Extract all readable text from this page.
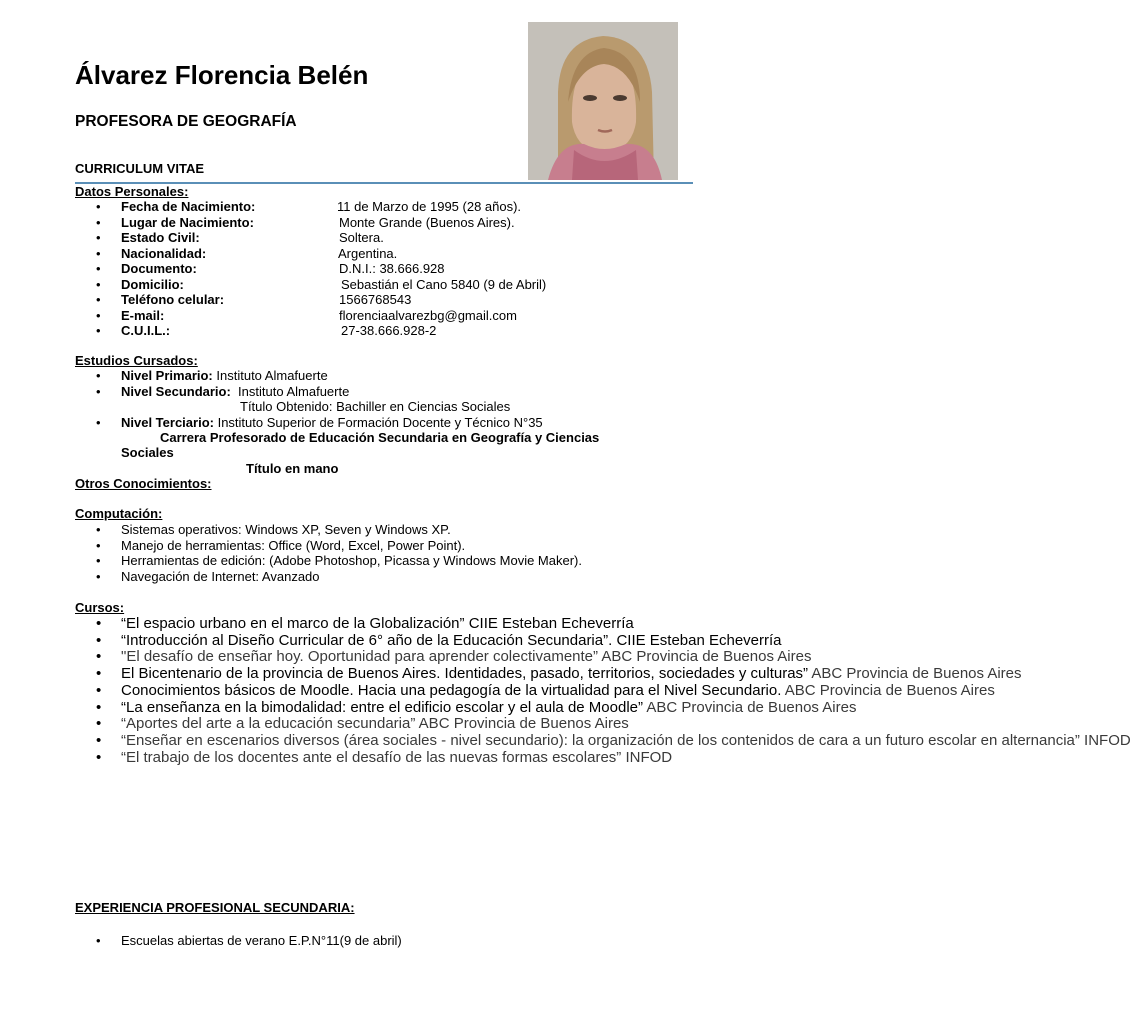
Álvarez Florencia Belén
PROFESORA DE GEOGRAFÍA
CURRICULUM VITAE
Datos Personales:
• Fecha de Nacimiento:	11 de Marzo de 1995 (28 años).
• Lugar de Nacimiento:	Monte Grande (Buenos Aires).
• Estado Civil:	Soltera.
• Nacionalidad:	Argentina.
• Documento:	D.N.I.: 38.666.928
• Domicilio:	Sebastián el Cano 5840 (9 de Abril)
• Teléfono celular:	1566768543
• E-mail:	florenciaalvarezbg@gmail.com
• C.U.I.L.:	27-38.666.928-2
Estudios Cursados:
• Nivel Primario: Instituto Almafuerte
• Nivel Secundario: Instituto Almafuerte
Título Obtenido: Bachiller en Ciencias Sociales
• Nivel Terciario: Instituto Superior de Formación Docente y Técnico N°35
Carrera Profesorado de Educación Secundaria en Geografía y Ciencias
Sociales
Título en mano
Otros Conocimientos:
Computación:
• Sistemas operativos: Windows XP, Seven y Windows XP.
• Manejo de herramientas: Office (Word, Excel, Power Point).
• Herramientas de edición: (Adobe Photoshop, Picassa y Windows Movie Maker).
• Navegación de Internet: Avanzado
Cursos:
• “El espacio urbano en el marco de la Globalización” CIIE Esteban Echeverría
• “Introducción al Diseño Curricular de 6° año de la Educación Secundaria”. CIIE Esteban Echeverría
• "El desafío de enseñar hoy. Oportunidad para aprender colectivamente” ABC Provincia de Buenos Aires
• El Bicentenario de la provincia de Buenos Aires. Identidades, pasado, territorios, sociedades y culturas” ABC Provincia de Buenos Aires
• Conocimientos básicos de Moodle. Hacia una pedagogía de la virtualidad para el Nivel Secundario. ABC Provincia de Buenos Aires
• “La enseñanza en la bimodalidad: entre el edificio escolar y el aula de Moodle” ABC Provincia de Buenos Aires
• “Aportes del arte a la educación secundaria” ABC Provincia de Buenos Aires
• “Enseñar en escenarios diversos (área sociales - nivel secundario): la organización de los contenidos de cara a un futuro escolar en alternancia” INFOD
• “El trabajo de los docentes ante el desafío de las nuevas formas escolares” INFOD
EXPERIENCIA PROFESIONAL SECUNDARIA:
• Escuelas abiertas de verano E.P.N°11(9 de abril)
